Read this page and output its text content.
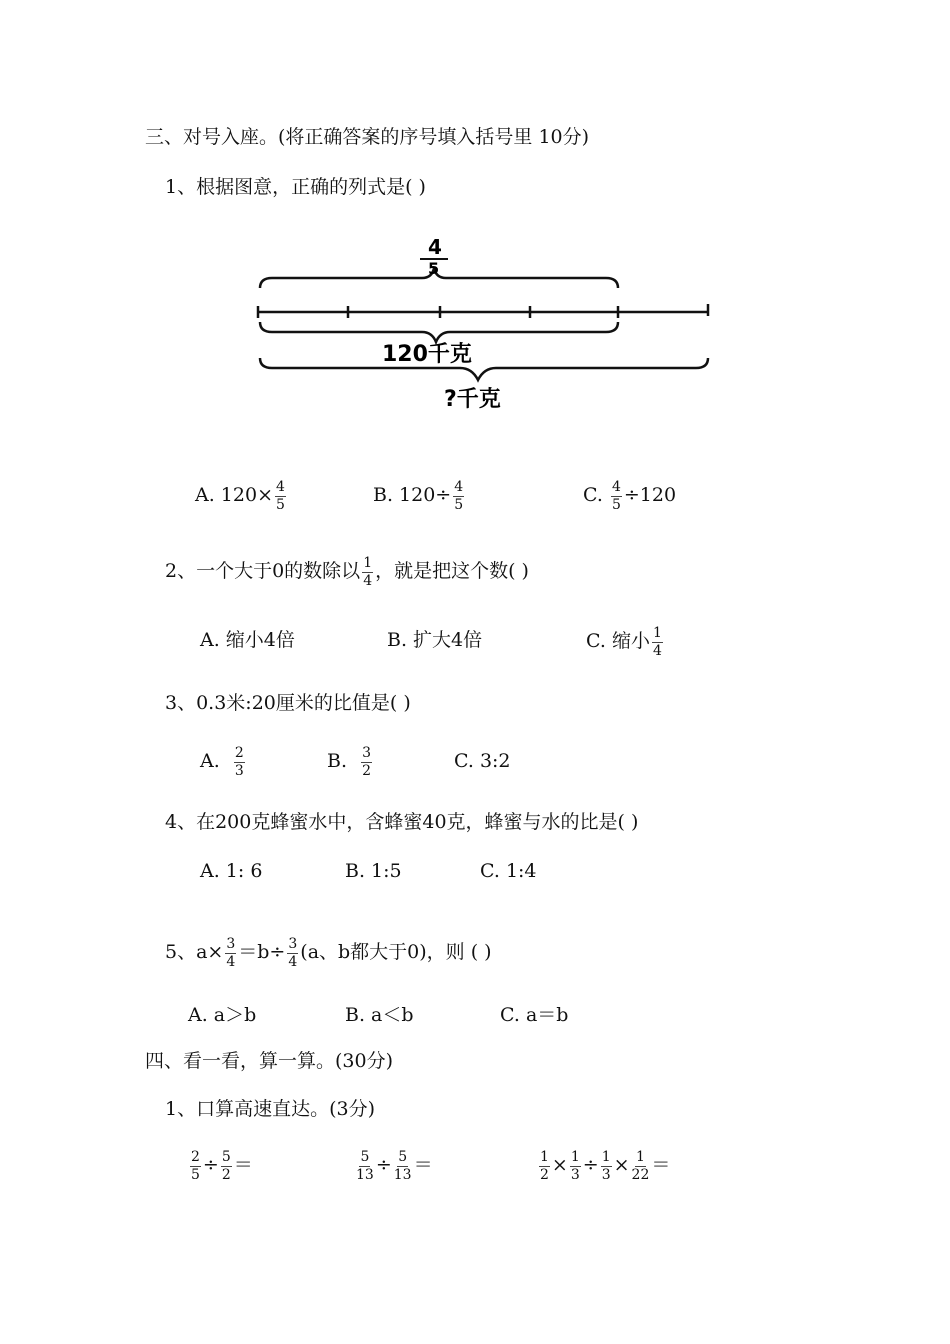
三、对号入座。(将正确答案的序号填入括号里 10分)
1、根据图意，正确的列式是( )
4
5
120千克
?千克
A. $120\times \frac{4}{5}$	B. $120\div \frac{4}{5}$	C. $\frac{4}{5} \div 120$
2、一个大于0的数除以 $\frac{1}{4}$ ，就是把这个数( )
A. 缩小4倍	B. 扩大4倍	C. 缩小 $\frac{1}{4}$
3、0.3米:20厘米的比值是( )
A. $\frac{2}{3}$	B. $\frac{3}{2}$	C. 3:2
4、在200克蜂蜜水中，含蜂蜜40克，蜂蜜与水的比是( )
A. 1: 6	B. 1:5	C. 1:4
5、$a\times \frac{3}{4} =b\div \frac{3}{4} (a$、b都大于0)，则 ( )
A. a＞b	B. a＜b	C. a＝b
四、看一看，算一算。(30分)
1、口算高速直达。(3分)
$\frac{2}{5} \div \frac{5}{2}$ ＝	$\frac{5}{13} \div \frac{5}{13}$ ＝	$\frac{1}{2} \times \frac{1}{3} \div \frac{1}{3} \times \frac{1}{22}$ ＝
